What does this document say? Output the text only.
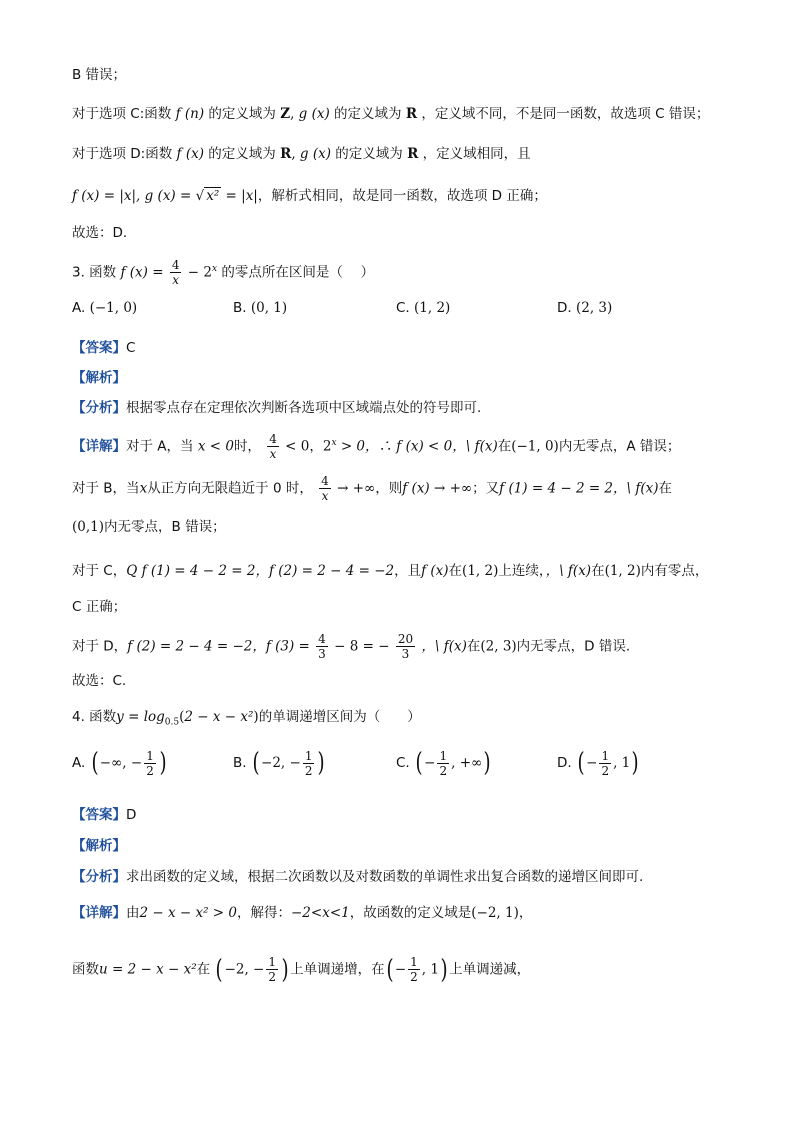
B 错误；
对于选项 C:函数 f (n) 的定义域为 Z, g (x) 的定义域为 R ，定义域不同，不是同一函数，故选项 C 错误；
对于选项 D:函数 f (x) 的定义域为 R, g (x) 的定义域为 R ，定义域相同，且
f (x) = |x|, g (x) = √ x² = |x|，解析式相同，故是同一函数，故选项 D 正确；
故选：D.
3. 函数 f $(x) = \frac{4}{x} - 2^x$ 的零点所在区间是（　 ）
A. (−1, 0)	B. (0, 1)	C. (1, 2)	D. (2, 3)
【答案】C
【解析】
【分析】根据零点存在定理依次判断各选项中区域端点处的符号即可.
【详解】对于 A，当 x < 0时， $\frac{4}{x} < 0$，$2^x > 0$，∴ f (x) < 0，\ f(x)在(−1, 0)内无零点，A 错误；
对于 B，当x从正方向无限趋近于 0 时， $\frac{4}{x}$ → +∞，则f (x) → +∞；又f (1) = 4 − 2 = 2，\ f(x)在
(0,1)内无零点，B 错误；
对于 C，Q f (1) = 4 − 2 = 2，f (2) = 2 − 4 = −2，且f (x)在(1, 2)上连续，，\ f(x)在(1, 2)内有零点，
C 正确；
对于 D，f (2) = 2 − 4 = −2，f $(3) = \frac{4}{3} - 8$ = − $\frac{20}{3}$ ，\ f(x)在(2, 3)内无零点，D 错误.
故选：C.
4. 函数$y = \log_{0.5}(2 - x - x^2)$的单调递增区间为（　　）
A. ( −∞, − $\frac{1}{2}$ )	B. ( −2, − $\frac{1}{2}$ )	C. ( − $\frac{1}{2}$ , +∞)	D. ( − $\frac{1}{2}$ , 1)
【答案】D
【解析】
【分析】求出函数的定义域，根据二次函数以及对数函数的单调性求出复合函数的递增区间即可.
【详解】由2 − x − x² > 0，解得：−2<x<1，故函数的定义域是(−2, 1)，
函数u = 2 − x − x²在 ( −2, − $\frac{1}{2}$ ) 上单调递增，在( − $\frac{1}{2}$ , 1) 上单调递减，
